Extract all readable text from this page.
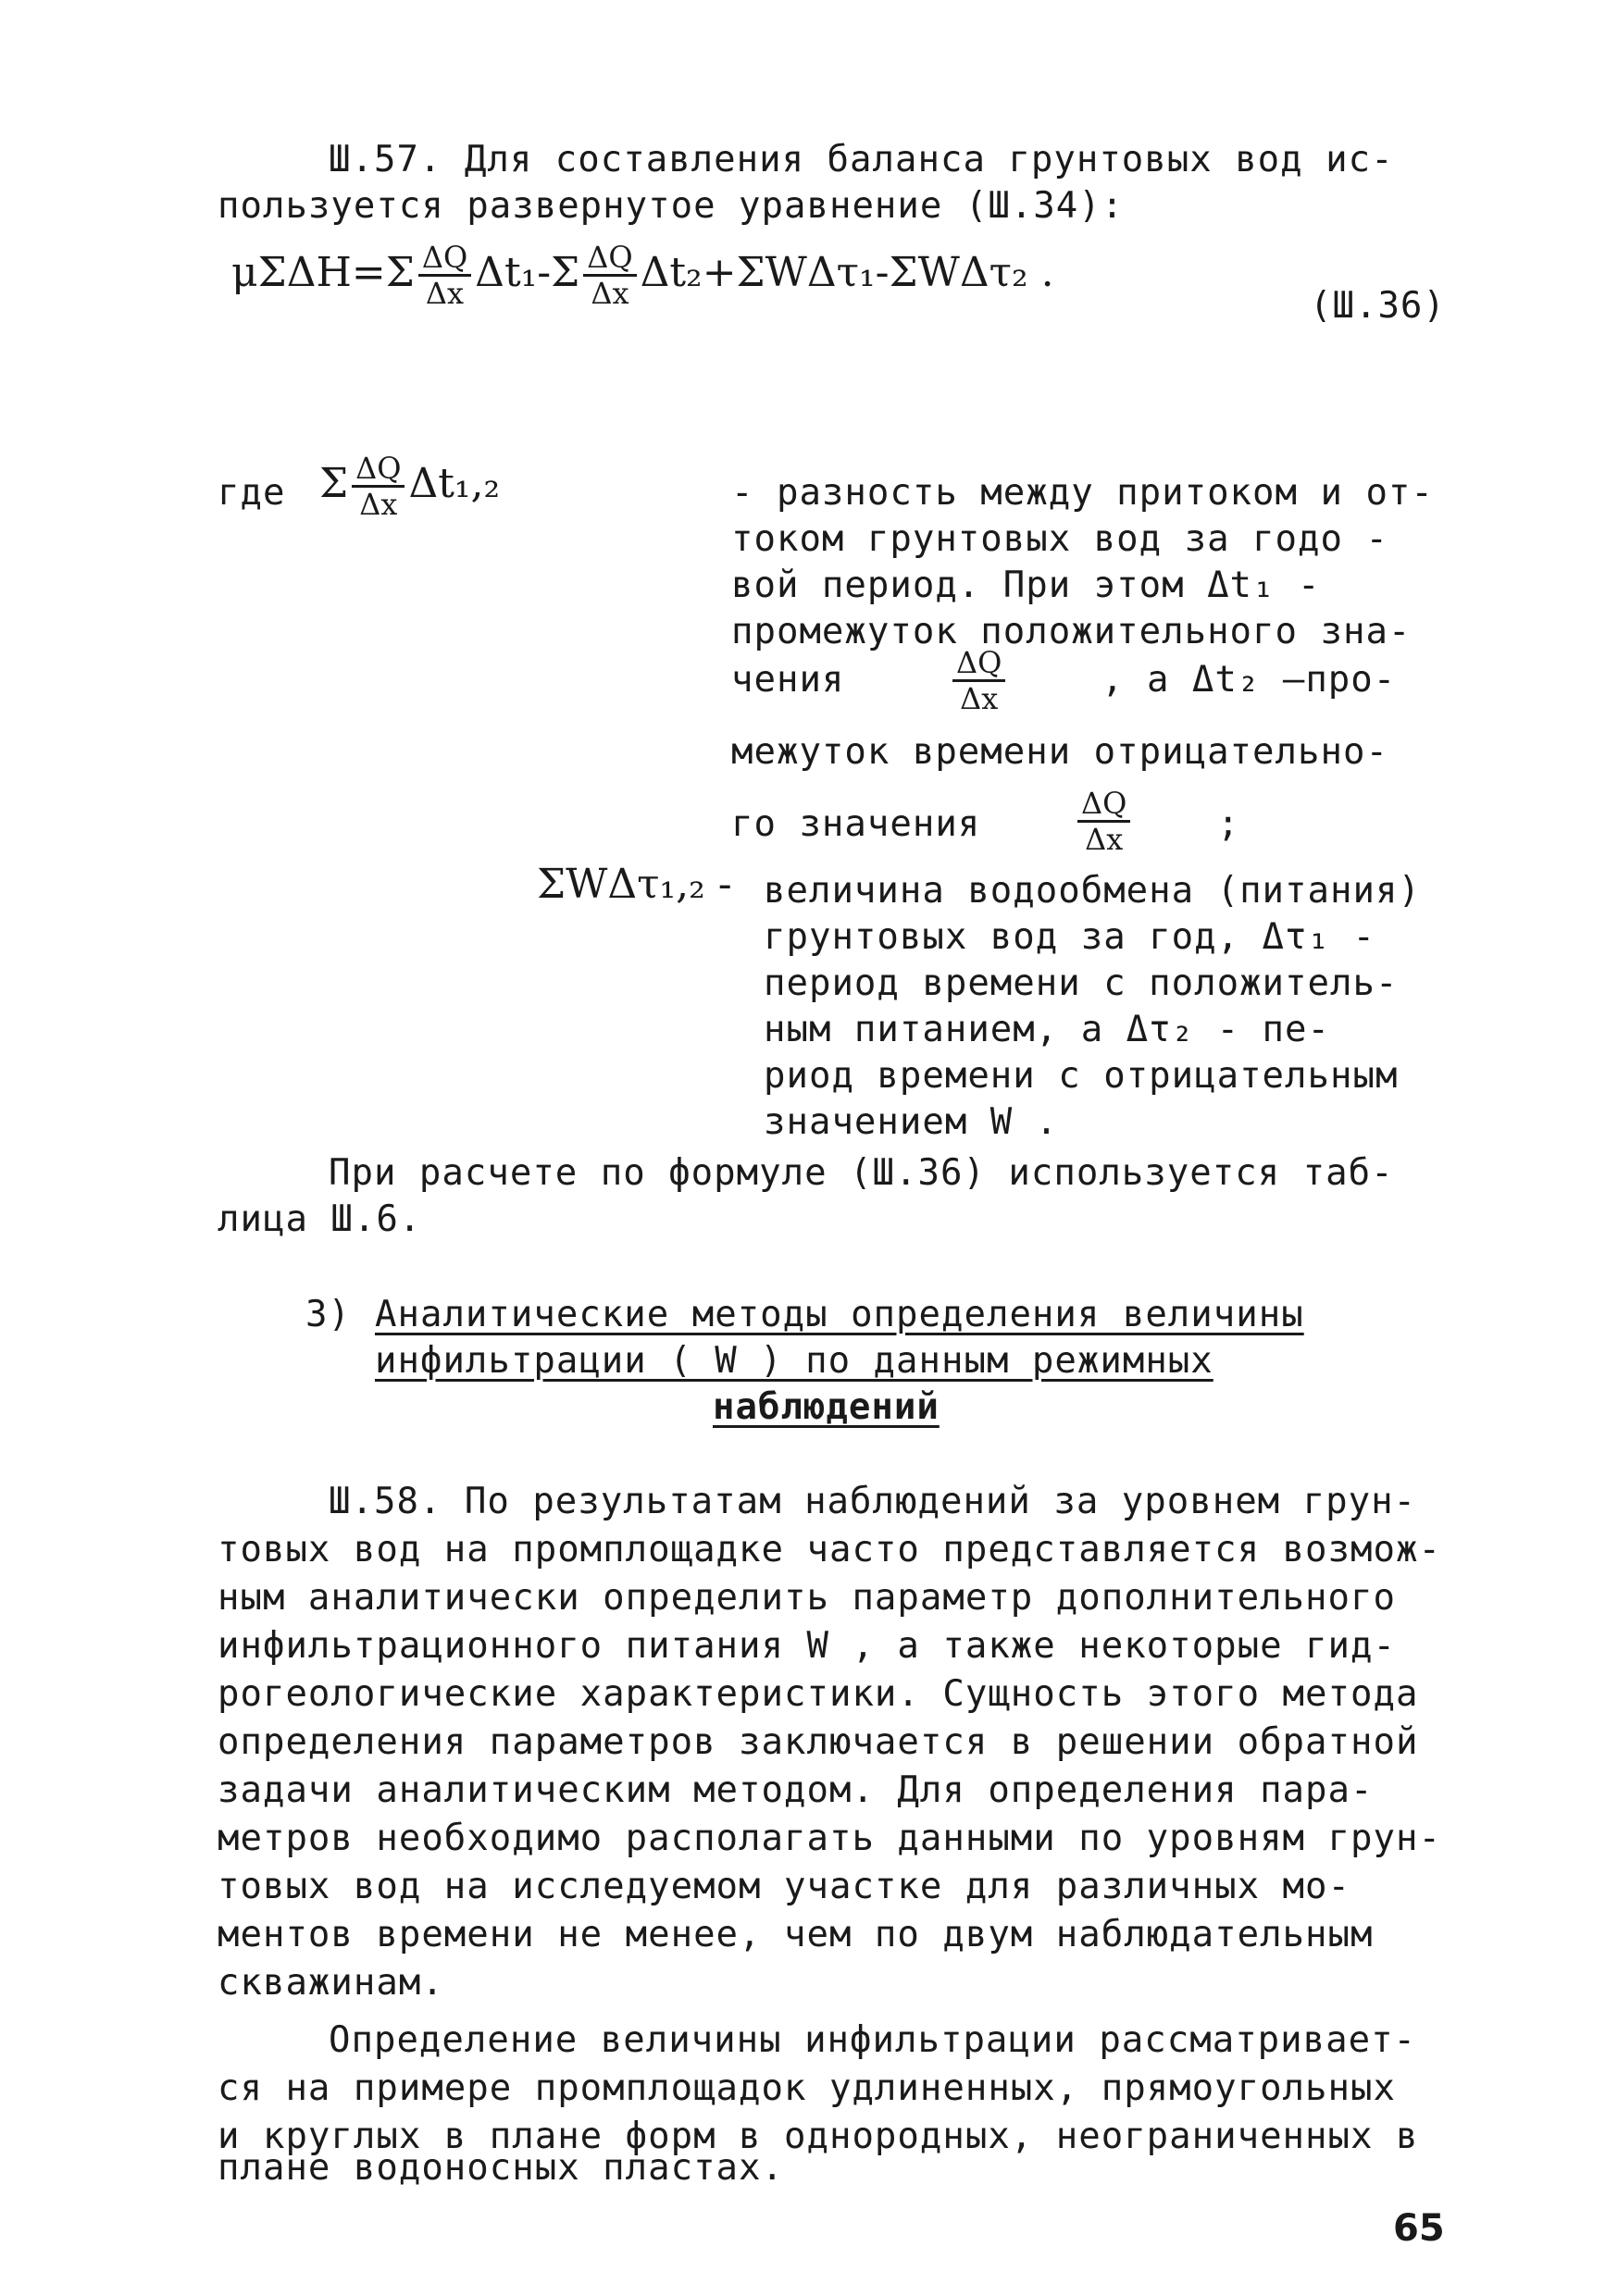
Ш.57. Для составления баланса грунтовых вод ис-
пользуется развернутое уравнение (Ш.34):
$\mu\Sigma\Delta H=\Sigma \frac{\Delta Q}{\Delta x} \Delta t_1-\Sigma \frac{\Delta Q}{\Delta x} \Delta t_2+\Sigma W\Delta\tau_1-\Sigma W\Delta\tau_2$ .
(Ш.36)
где Σ $\frac{\Delta Q}{\Delta x} \Delta t_1,_2$	- разность между притоком и от-
током грунтовых вод за годо -
вой период. При этом Δt₁ -
промежуток положительного зна-
чения	$\frac{\Delta Q}{\Delta x}$	, а Δt₂ –про-
межуток времени отрицательно-
го значения	$\frac{\Delta Q}{\Delta x}$ ;
ΣWΔτ₁,₂ - величина водообмена (питания)
грунтовых вод за год, Δτ₁ -
период времени с положитель-
ным питанием, а Δτ₂ - пе-
риод времени с отрицательным
значением W .
При расчете по формуле (Ш.36) используется таб-
лица Ш.6.
3) Аналитические методы определения величины
инфильтрации ( W ) по данным режимных
наблюдений
Ш.58. По результатам наблюдений за уровнем грун-
товых вод на промплощадке часто представляется возмож-
ным аналитически определить параметр дополнительного
инфильтрационного питания W , а также некоторые гид-
рогеологические характеристики. Сущность этого метода
определения параметров заключается в решении обратной
задачи аналитическим методом. Для определения пара-
метров необходимо располагать данными по уровням грун-
товых вод на исследуемом участке для различных мо-
ментов времени не менее, чем по двум наблюдательным
скважинам.
Определение величины инфильтрации рассматривает-
ся на примере промплощадок удлиненных, прямоугольных
и круглых в плане форм в однородных, неограниченных в
плане водоносных пластах.
65
